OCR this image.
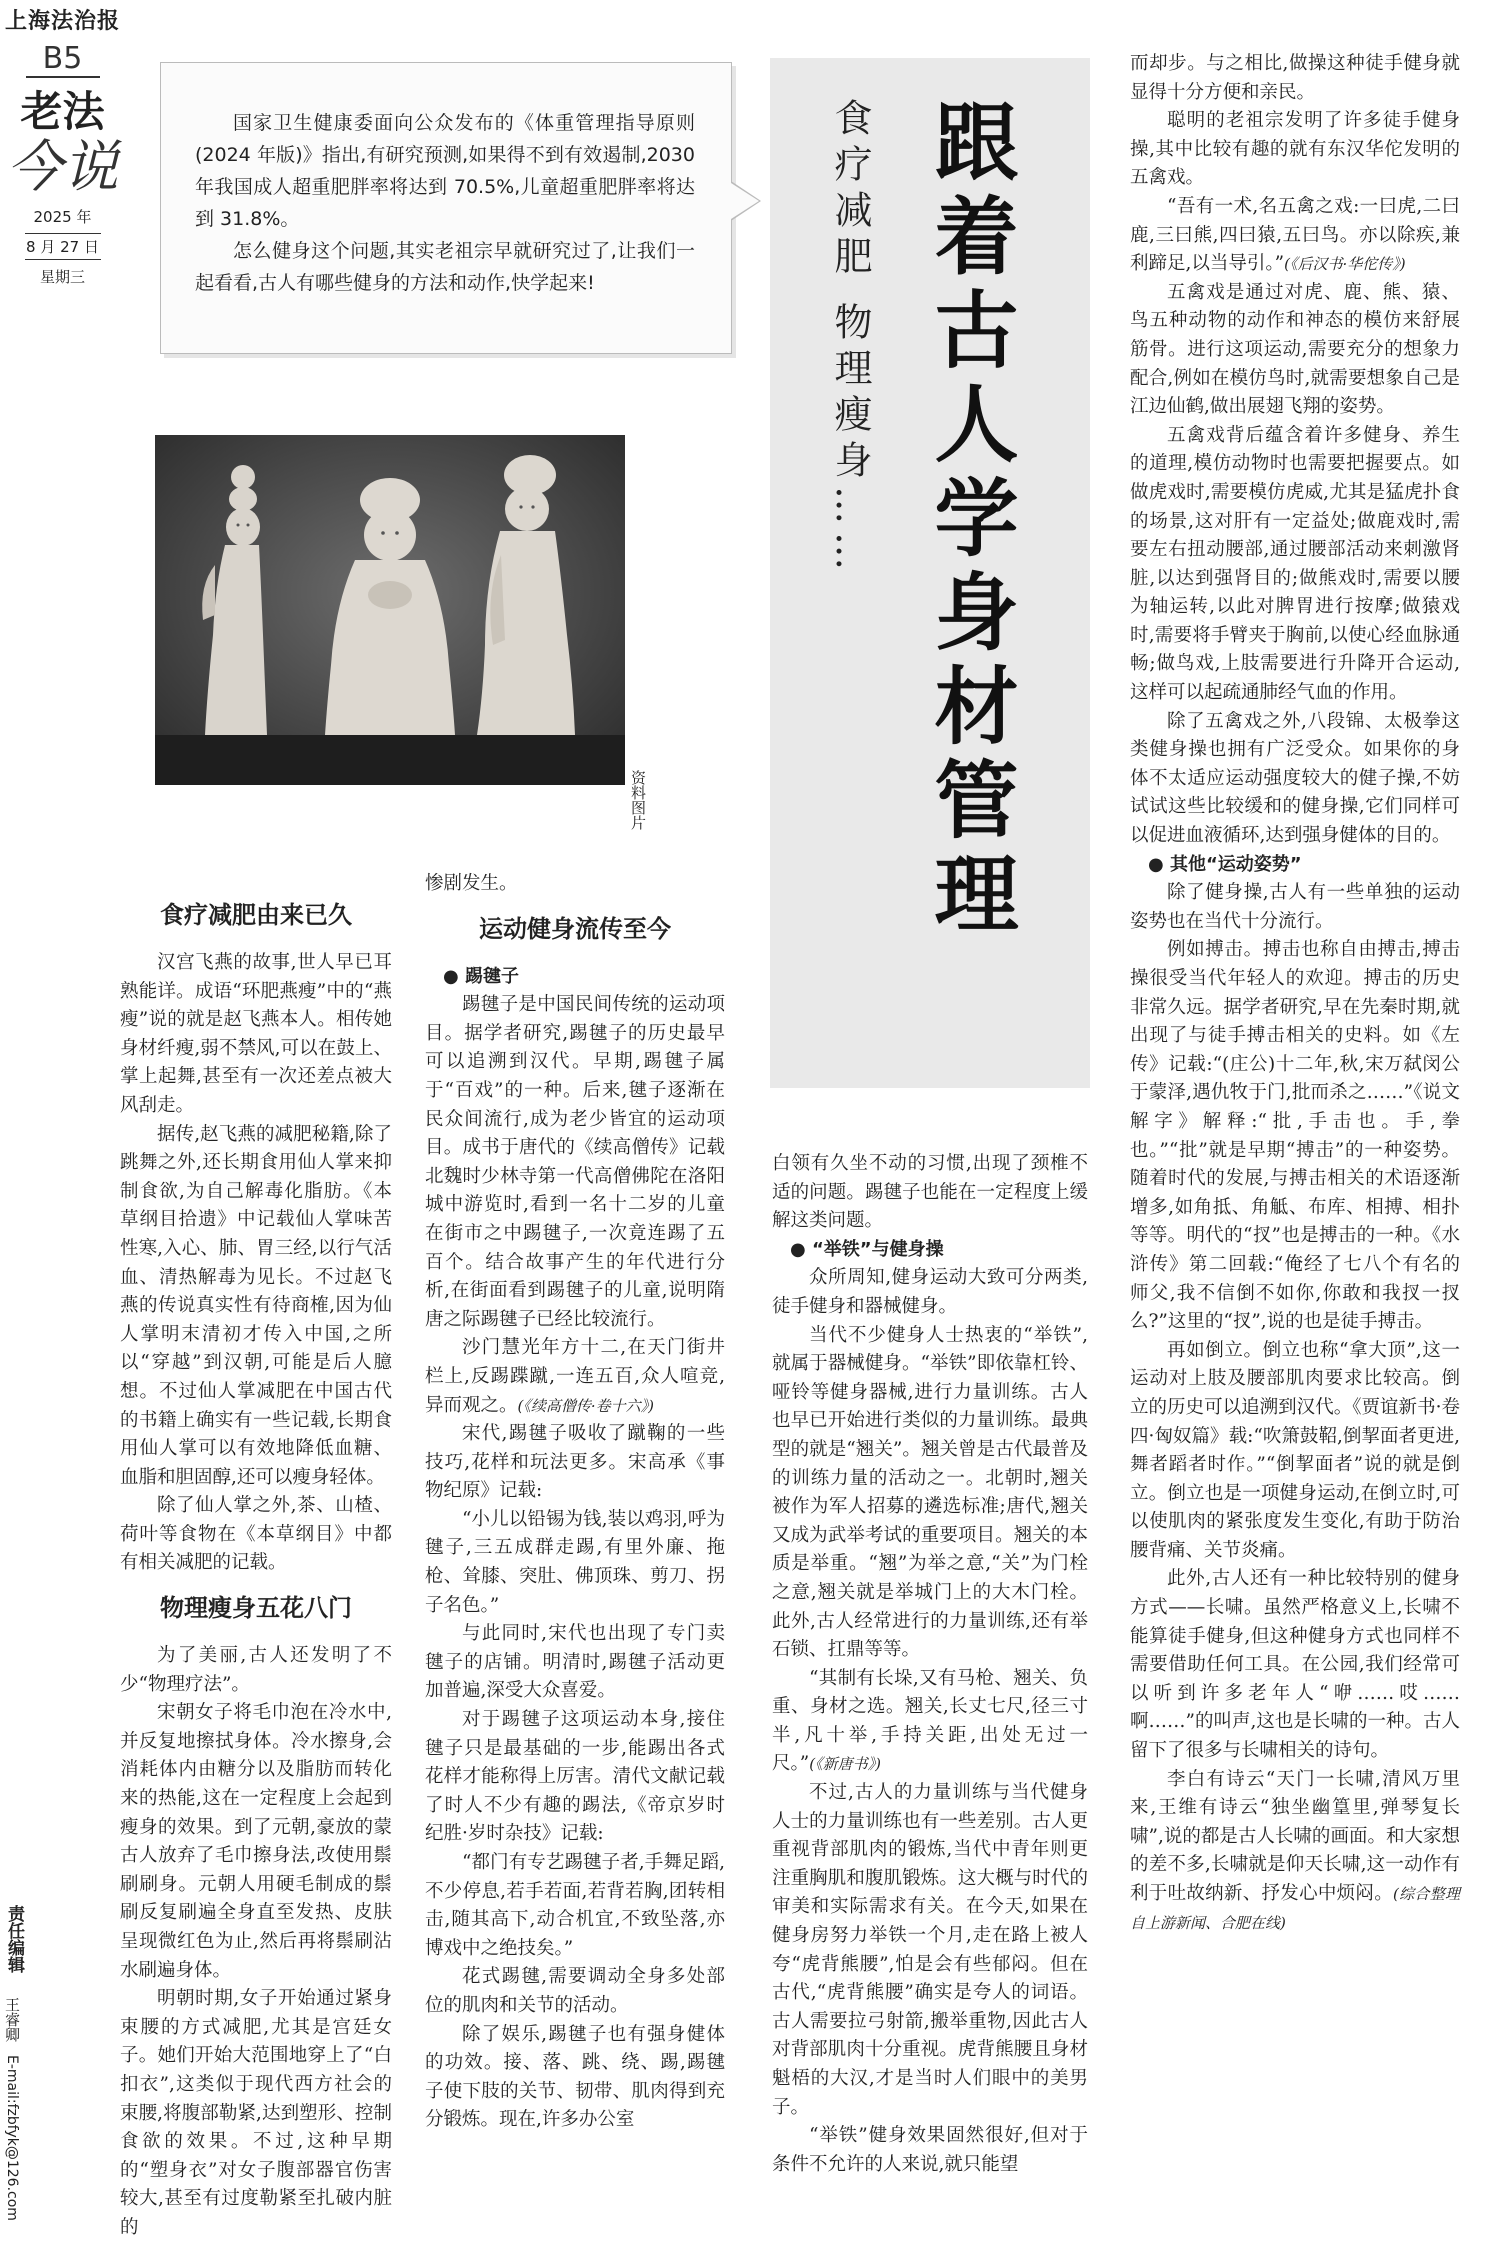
上海法治报
B5
老法
今说
2025 年
8 月 27 日
星期三
责任编辑
王睿卿
E-mail:fzbfyk@126.com

国家卫生健康委面向公众发布的《体重管理指导原则(2024 年版)》指出,有研究预测,如果得不到有效遏制,2030 年我国成人超重肥胖率将达到 70.5%,儿童超重肥胖率将达到 31.8%。

怎么健身这个问题,其实老祖宗早就研究过了,让我们一起看看,古人有哪些健身的方法和动作,快学起来!	跟着古人学身材管理
食疗减肥 物理瘦身……
资料图片

食疗减肥由来已久

汉宫飞燕的故事,世人早已耳熟能详。成语“环肥燕瘦”中的“燕瘦”说的就是赵飞燕本人。相传她身材纤瘦,弱不禁风,可以在鼓上、掌上起舞,甚至有一次还差点被大风刮走。

据传,赵飞燕的减肥秘籍,除了跳舞之外,还长期食用仙人掌来抑制食欲,为自己解毒化脂肪。《本草纲目拾遗》中记载仙人掌味苦性寒,入心、肺、胃三经,以行气活血、清热解毒为见长。不过赵飞燕的传说真实性有待商榷,因为仙人掌明末清初才传入中国,之所以“穿越”到汉朝,可能是后人臆想。不过仙人掌减肥在中国古代的书籍上确实有一些记载,长期食用仙人掌可以有效地降低血糖、血脂和胆固醇,还可以瘦身轻体。

除了仙人掌之外,茶、山楂、荷叶等食物在《本草纲目》中都有相关减肥的记载。

物理瘦身五花八门

为了美丽,古人还发明了不少“物理疗法”。

宋朝女子将毛巾泡在冷水中,并反复地擦拭身体。冷水擦身,会消耗体内由糖分以及脂肪而转化来的热能,这在一定程度上会起到瘦身的效果。到了元朝,豪放的蒙古人放弃了毛巾擦身法,改使用鬃刷刷身。元朝人用硬毛制成的鬃刷反复刷遍全身直至发热、皮肤呈现微红色为止,然后再将鬃刷沾水刷遍身体。

明朝时期,女子开始通过紧身束腰的方式减肥,尤其是宫廷女子。她们开始大范围地穿上了“白扣衣”,这类似于现代西方社会的束腰,将腹部勒紧,达到塑形、控制食欲的效果。不过,这种早期的“塑身衣”对女子腹部器官伤害较大,甚至有过度勒紧至扎破内脏的

惨剧发生。

运动健身流传至今

● 踢毽子

踢毽子是中国民间传统的运动项目。据学者研究,踢毽子的历史最早可以追溯到汉代。早期,踢毽子属于“百戏”的一种。后来,毽子逐渐在民众间流行,成为老少皆宜的运动项目。成书于唐代的《续高僧传》记载北魏时少林寺第一代高僧佛陀在洛阳城中游览时,看到一名十二岁的儿童在街市之中踢毽子,一次竟连踢了五百个。结合故事产生的年代进行分析,在街面看到踢毽子的儿童,说明隋唐之际踢毽子已经比较流行。

沙门慧光年方十二,在天门街井栏上,反踢蹀蹴,一连五百,众人喧竞,异而观之。(《续高僧传·卷十六》)

宋代,踢毽子吸收了蹴鞠的一些技巧,花样和玩法更多。宋高承《事物纪原》记载:

“小儿以铅锡为钱,装以鸡羽,呼为毽子,三五成群走踢,有里外廉、拖枪、耸膝、突肚、佛顶珠、剪刀、拐子名色。”

与此同时,宋代也出现了专门卖毽子的店铺。明清时,踢毽子活动更加普遍,深受大众喜爱。

对于踢毽子这项运动本身,接住毽子只是最基础的一步,能踢出各式花样才能称得上厉害。清代文献记载了时人不少有趣的踢法,《帝京岁时纪胜·岁时杂技》记载:

“都门有专艺踢毽子者,手舞足蹈,不少停息,若手若面,若背若胸,团转相击,随其高下,动合机宜,不致坠落,亦博戏中之绝技矣。”

花式踢毽,需要调动全身多处部位的肌肉和关节的活动。

除了娱乐,踢毽子也有强身健体的功效。接、落、跳、绕、踢,踢毽子使下肢的关节、韧带、肌肉得到充分锻炼。现在,许多办公室

白领有久坐不动的习惯,出现了颈椎不适的问题。踢毽子也能在一定程度上缓解这类问题。

● “举铁”与健身操

众所周知,健身运动大致可分两类,徒手健身和器械健身。

当代不少健身人士热衷的“举铁”,就属于器械健身。“举铁”即依靠杠铃、哑铃等健身器械,进行力量训练。古人也早已开始进行类似的力量训练。最典型的就是“翘关”。翘关曾是古代最普及的训练力量的活动之一。北朝时,翘关被作为军人招募的遴选标准;唐代,翘关又成为武举考试的重要项目。翘关的本质是举重。“翘”为举之意,“关”为门栓之意,翘关就是举城门上的大木门栓。此外,古人经常进行的力量训练,还有举石锁、扛鼎等等。

“其制有长垛,又有马枪、翘关、负重、身材之选。翘关,长丈七尺,径三寸半,凡十举,手持关距,出处无过一尺。”(《新唐书》)

不过,古人的力量训练与当代健身人士的力量训练也有一些差别。古人更重视背部肌肉的锻炼,当代中青年则更注重胸肌和腹肌锻炼。这大概与时代的审美和实际需求有关。在今天,如果在健身房努力举铁一个月,走在路上被人夸“虎背熊腰”,怕是会有些郁闷。但在古代,“虎背熊腰”确实是夸人的词语。古人需要拉弓射箭,搬举重物,因此古人对背部肌肉十分重视。虎背熊腰且身材魁梧的大汉,才是当时人们眼中的美男子。

“举铁”健身效果固然很好,但对于条件不允许的人来说,就只能望

而却步。与之相比,做操这种徒手健身就显得十分方便和亲民。

聪明的老祖宗发明了许多徒手健身操,其中比较有趣的就有东汉华佗发明的五禽戏。

“吾有一术,名五禽之戏:一曰虎,二曰鹿,三曰熊,四曰猿,五曰鸟。亦以除疾,兼利蹄足,以当导引。”(《后汉书·华佗传》)

五禽戏是通过对虎、鹿、熊、猿、鸟五种动物的动作和神态的模仿来舒展筋骨。进行这项运动,需要充分的想象力配合,例如在模仿鸟时,就需要想象自己是江边仙鹤,做出展翅飞翔的姿势。

五禽戏背后蕴含着许多健身、养生的道理,模仿动物时也需要把握要点。如做虎戏时,需要模仿虎威,尤其是猛虎扑食的场景,这对肝有一定益处;做鹿戏时,需要左右扭动腰部,通过腰部活动来刺激肾脏,以达到强肾目的;做熊戏时,需要以腰为轴运转,以此对脾胃进行按摩;做猿戏时,需要将手臂夹于胸前,以使心经血脉通畅;做鸟戏,上肢需要进行升降开合运动,这样可以起疏通肺经气血的作用。

除了五禽戏之外,八段锦、太极拳这类健身操也拥有广泛受众。如果你的身体不太适应运动强度较大的健子操,不妨试试这些比较缓和的健身操,它们同样可以促进血液循环,达到强身健体的目的。

● 其他“运动姿势”

除了健身操,古人有一些单独的运动姿势也在当代十分流行。

例如搏击。搏击也称自由搏击,搏击操很受当代年轻人的欢迎。搏击的历史非常久远。据学者研究,早在先秦时期,就出现了与徒手搏击相关的史料。如《左传》记载:“(庄公)十二年,秋,宋万弑闵公于蒙泽,遇仇牧于门,批而杀之……”《说文解字》解释:“批,手击也。手,拳也。”“批”就是早期“搏击”的一种姿势。随着时代的发展,与搏击相关的术语逐渐增多,如角抵、角觝、布库、相搏、相扑等等。明代的“扠”也是搏击的一种。《水浒传》第二回载:“俺经了七八个有名的师父,我不信倒不如你,你敢和我扠一扠么?”这里的“扠”,说的也是徒手搏击。

再如倒立。倒立也称“拿大顶”,这一运动对上肢及腰部肌肉要求比较高。倒立的历史可以追溯到汉代。《贾谊新书·卷四·匈奴篇》载:“吹箫鼓鞀,倒挈面者更进,舞者蹈者时作。”“倒挈面者”说的就是倒立。倒立也是一项健身运动,在倒立时,可以使肌肉的紧张度发生变化,有助于防治腰背痛、关节炎痛。

此外,古人还有一种比较特别的健身方式——长啸。虽然严格意义上,长啸不能算徒手健身,但这种健身方式也同样不需要借助任何工具。在公园,我们经常可以听到许多老年人“咿……哎……啊……”的叫声,这也是长啸的一种。古人留下了很多与长啸相关的诗句。

李白有诗云“天门一长啸,清风万里来,王维有诗云“独坐幽篁里,弹琴复长啸”,说的都是古人长啸的画面。和大家想的差不多,长啸就是仰天长啸,这一动作有利于吐故纳新、抒发心中烦闷。(综合整理自上游新闻、合肥在线)
